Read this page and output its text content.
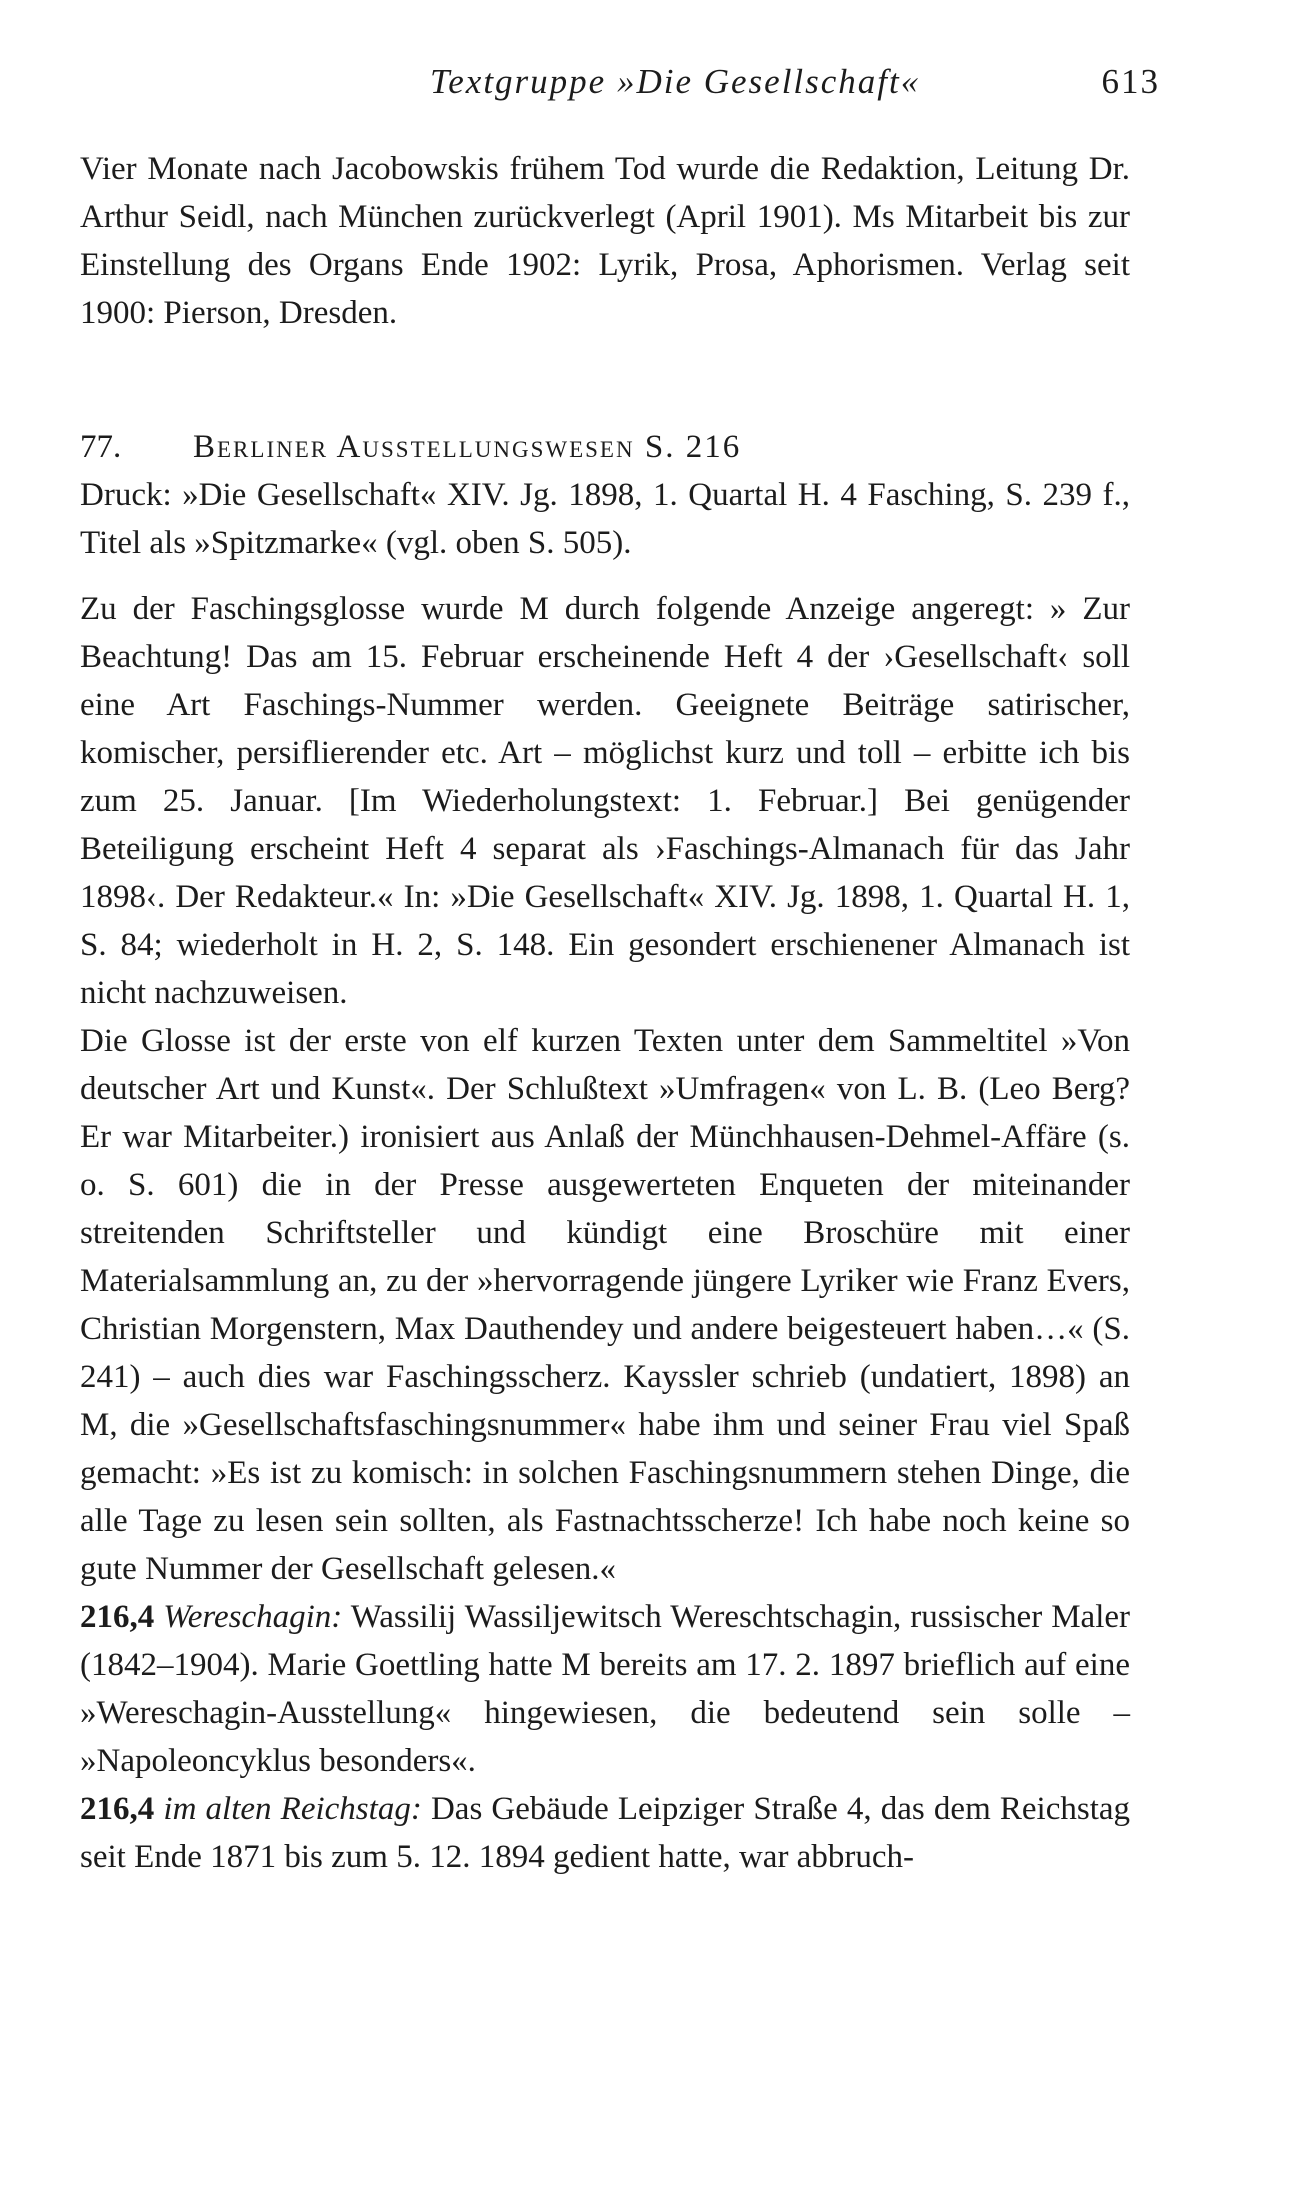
Textgruppe »Die Gesellschaft«	613

Vier Monate nach Jacobowskis frühem Tod wurde die Redaktion, Leitung Dr. Arthur Seidl, nach München zurückverlegt (April 1901). Ms Mitarbeit bis zur Einstellung des Organs Ende 1902: Lyrik, Prosa, Aphorismen. Verlag seit 1900: Pierson, Dresden.

77. Berliner Ausstellungswesen S. 216

Druck: »Die Gesellschaft« XIV. Jg. 1898, 1. Quartal H. 4 Fasching, S. 239 f., Titel als »Spitzmarke« (vgl. oben S. 505).

Zu der Faschingsglosse wurde M durch folgende Anzeige angeregt: » Zur Beachtung! Das am 15. Februar erscheinende Heft 4 der ›Gesellschaft‹ soll eine Art Faschings-Nummer werden. Geeignete Beiträge satirischer, komischer, persiflierender etc. Art – möglichst kurz und toll – erbitte ich bis zum 25. Januar. [Im Wiederholungstext: 1. Februar.] Bei genügender Beteiligung erscheint Heft 4 separat als ›Faschings-Almanach für das Jahr 1898‹. Der Redakteur.« In: »Die Gesellschaft« XIV. Jg. 1898, 1. Quartal H. 1, S. 84; wiederholt in H. 2, S. 148. Ein gesondert erschienener Almanach ist nicht nachzuweisen.

Die Glosse ist der erste von elf kurzen Texten unter dem Sammeltitel »Von deutscher Art und Kunst«. Der Schlußtext »Umfragen« von L. B. (Leo Berg? Er war Mitarbeiter.) ironisiert aus Anlaß der Münchhausen-Dehmel-Affäre (s. o. S. 601) die in der Presse ausgewerteten Enqueten der miteinander streitenden Schriftsteller und kündigt eine Broschüre mit einer Materialsammlung an, zu der »hervorragende jüngere Lyriker wie Franz Evers, Christian Morgenstern, Max Dauthendey und andere beigesteuert haben…« (S. 241) – auch dies war Faschingsscherz. Kayssler schrieb (undatiert, 1898) an M, die »Gesellschaftsfaschingsnummer« habe ihm und seiner Frau viel Spaß gemacht: »Es ist zu komisch: in solchen Faschingsnummern stehen Dinge, die alle Tage zu lesen sein sollten, als Fastnachtsscherze! Ich habe noch keine so gute Nummer der Gesellschaft gelesen.«

216,4 Wereschagin: Wassilij Wassiljewitsch Wereschtschagin, russischer Maler (1842–1904). Marie Goettling hatte M bereits am 17. 2. 1897 brieflich auf eine »Wereschagin-Ausstellung« hingewiesen, die bedeutend sein solle – »Napoleoncyklus besonders«.

216,4 im alten Reichstag: Das Gebäude Leipziger Straße 4, das dem Reichstag seit Ende 1871 bis zum 5. 12. 1894 gedient hatte, war abbruch-
